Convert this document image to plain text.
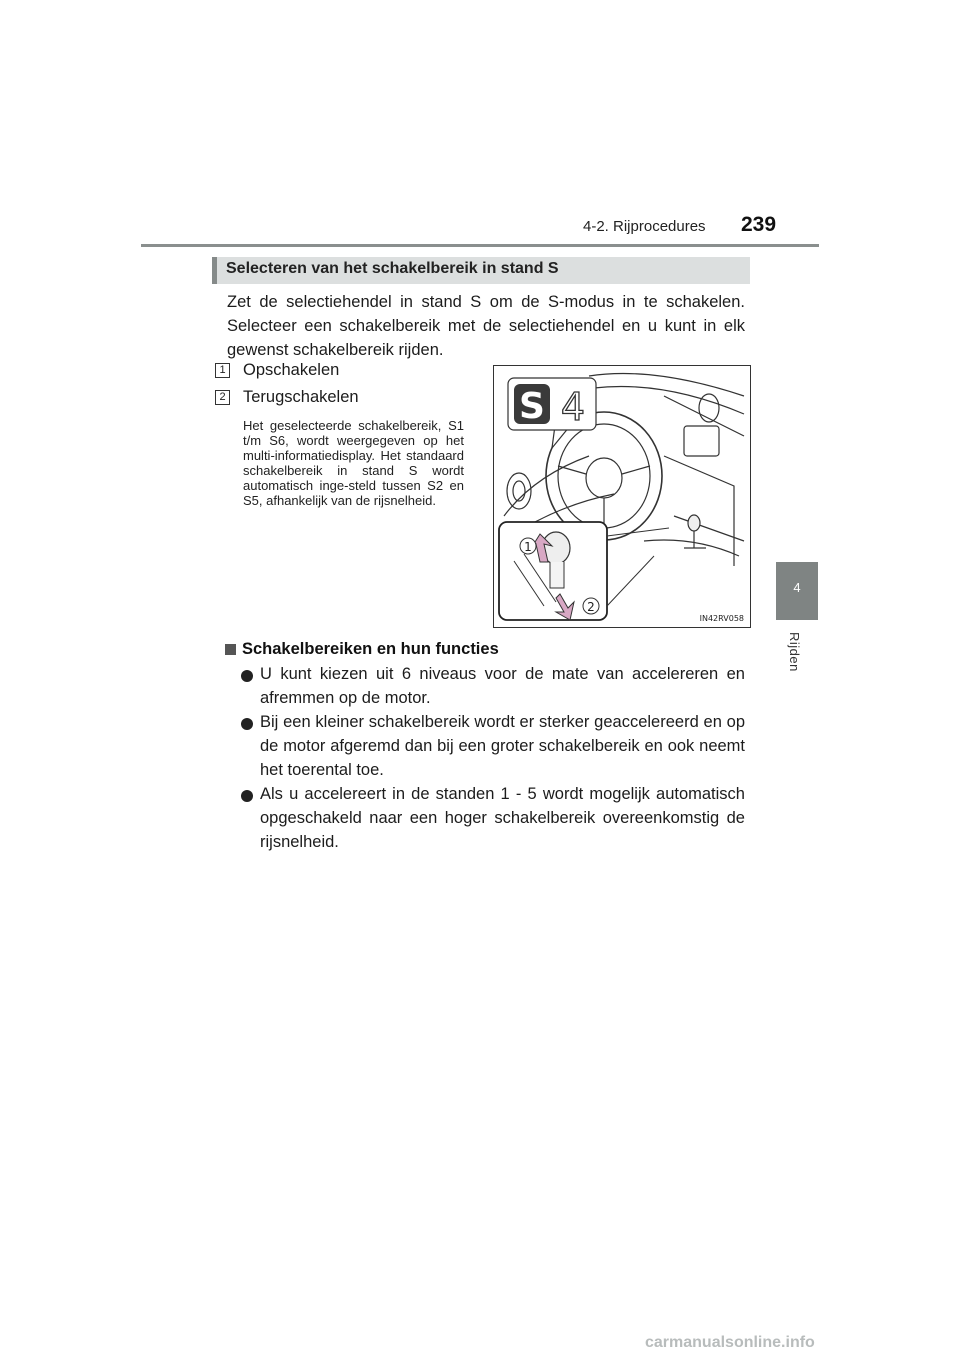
4-2. Rijprocedures 239
4
Rijden
Selecteren van het schakelbereik in stand S
Zet de selectiehendel in stand S om de S-modus in te schakelen. Selecteer een schakelbereik met de selectiehendel en u kunt in elk gewenst schakelbereik rijden.
1 Opschakelen
2 Terugschakelen
Het geselecteerde schakelbereik, S1 t/m S6, wordt weergegeven op het multi-informatiedisplay. Het standaard schakelbereik in stand S wordt automatisch inge-steld tussen S2 en S5, afhankelijk van de rijsnelheid.
S 4
1
2
IN42RV058
Schakelbereiken en hun functies
U kunt kiezen uit 6 niveaus voor de mate van accelereren en afremmen op de motor.
Bij een kleiner schakelbereik wordt er sterker geaccelereerd en op de motor afgeremd dan bij een groter schakelbereik en ook neemt het toerental toe.
Als u accelereert in de standen 1 - 5 wordt mogelijk automatisch opgeschakeld naar een hoger schakelbereik overeenkomstig de rijsnelheid.
carmanualsonline.info
